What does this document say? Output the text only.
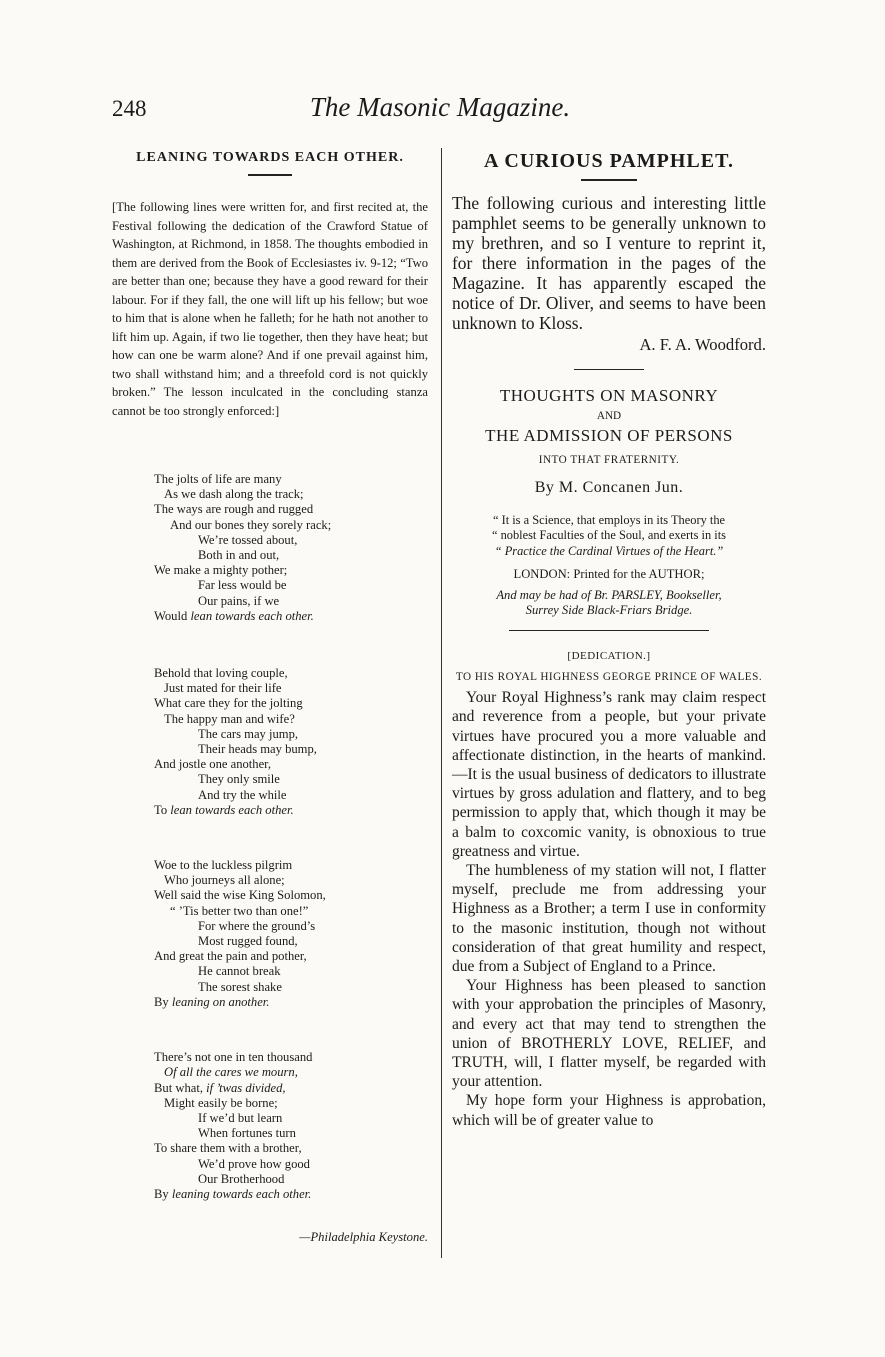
248	The Masonic Magazine.
LEANING TOWARDS EACH OTHER.

[The following lines were written for, and first recited at, the Festival following the dedication of the Crawford Statue of Washington, at Richmond, in 1858. The thoughts embodied in them are derived from the Book of Ecclesiastes iv. 9-12; “Two are better than one; because they have a good reward for their labour. For if they fall, the one will lift up his fellow; but woe to him that is alone when he falleth; for he hath not another to lift him up. Again, if two lie together, then they have heat; but how can one be warm alone? And if one prevail against him, two shall withstand him; and a threefold cord is not quickly broken.” The lesson inculcated in the concluding stanza cannot be too strongly enforced:]

The jolts of life are many
As we dash along the track;
The ways are rough and rugged
And our bones they sorely rack;
We’re tossed about,
Both in and out,
We make a mighty pother;
Far less would be
Our pains, if we
Would lean towards each other.
Behold that loving couple,
Just mated for their life
What care they for the jolting
The happy man and wife?
The cars may jump,
Their heads may bump,
And jostle one another,
They only smile
And try the while
To lean towards each other.
Woe to the luckless pilgrim
Who journeys all alone;
Well said the wise King Solomon,
“ ’Tis better two than one!”
For where the ground’s
Most rugged found,
And great the pain and pother,
He cannot break
The sorest shake
By leaning on another.
There’s not one in ten thousand
Of all the cares we mourn,
But what, if ’twas divided,
Might easily be borne;
If we’d but learn
When fortunes turn
To share them with a brother,
We’d prove how good
Our Brotherhood
By leaning towards each other.

—Philadelphia Keystone.

A CURIOUS PAMPHLET.

The following curious and interesting little pamphlet seems to be generally unknown to my brethren, and so I venture to reprint it, for there information in the pages of the Magazine. It has apparently escaped the notice of Dr. Oliver, and seems to have been unknown to Kloss.

A. F. A. Woodford.

THOUGHTS ON MASONRY

AND

THE ADMISSION OF PERSONS

INTO THAT FRATERNITY.

By M. Concanen Jun.

“ It is a Science, that employs in its Theory the
“ noblest Faculties of the Soul, and exerts in its
“ Practice the Cardinal Virtues of the Heart.”

LONDON: Printed for the AUTHOR;

And may be had of Br. PARSLEY, Bookseller,
Surrey Side Black-Friars Bridge.

[DEDICATION.]

TO HIS ROYAL HIGHNESS GEORGE PRINCE OF WALES.

Your Royal Highness’s rank may claim respect and reverence from a people, but your private virtues have procured you a more valuable and affectionate distinction, in the hearts of mankind.—It is the usual business of dedicators to illustrate virtues by gross adulation and flattery, and to beg permission to apply that, which though it may be a balm to coxcomic vanity, is obnoxious to true greatness and virtue.

The humbleness of my station will not, I flatter myself, preclude me from addressing your Highness as a Brother; a term I use in conformity to the masonic institution, though not without consideration of that great humility and respect, due from a Subject of England to a Prince.

Your Highness has been pleased to sanction with your approbation the principles of Masonry, and every act that may tend to strengthen the union of BROTHERLY LOVE, RELIEF, and TRUTH, will, I flatter myself, be regarded with your attention.

My hope form your Highness is approbation, which will be of greater value to
